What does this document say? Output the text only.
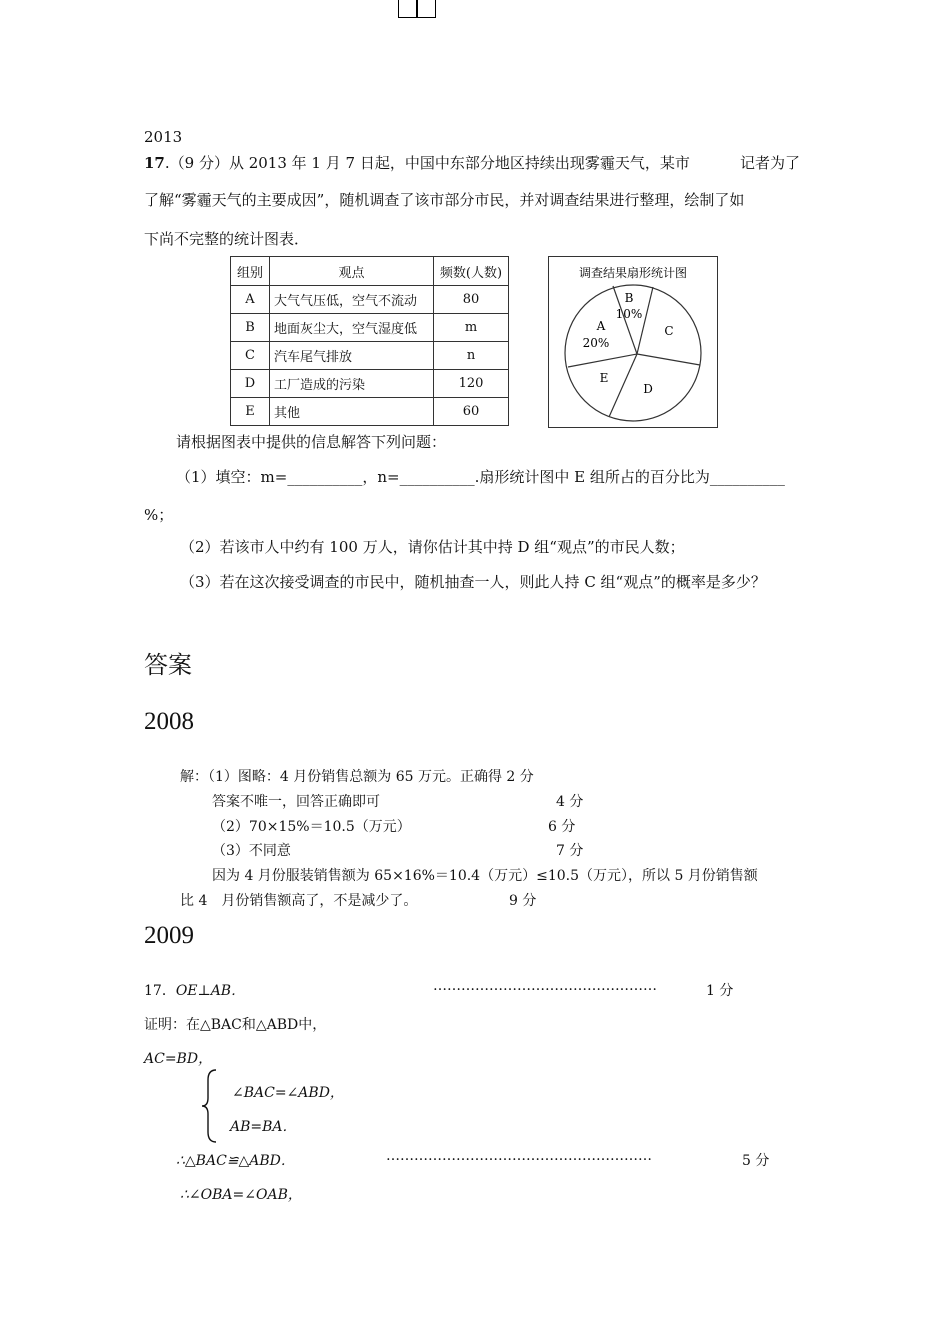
2013
17.（9 分）从 2013 年 1 月 7 日起，中国中东部分地区持续出现雾霾天气，某市	记者为了
了解“雾霾天气的主要成因”，随机调查了该市部分市民，并对调查结果进行整理，绘制了如
下尚不完整的统计图表．
组别	观点	频数(人数)
A	大气气压低，空气不流动	80
B	地面灰尘大，空气湿度低	m
C	汽车尾气排放	n
D	工厂造成的污染	120
E	其他	60
调查结果扇形统计图
B
10%
A
20%
C
D
E
请根据图表中提供的信息解答下列问题：
（1）填空：m=__________，n=__________.扇形统计图中 E 组所占的百分比为__________
%；
（2）若该市人中约有 100 万人，请你估计其中持 D 组“观点”的市民人数；
（3）若在这次接受调查的市民中，随机抽查一人，则此人持 C 组“观点”的概率是多少？
答案
2008
解：（1）图略：4 月份销售总额为 65 万元。正确得 2 分
答案不唯一，回答正确即可	4 分
（2）70×15%＝10.5（万元）	6 分
（3）不同意	7 分
因为 4 月份服装销售额为 65×16%＝10.4（万元）≤10.5（万元），所以 5 月份销售额
比 4　月份销售额高了，不是减少了。	9 分
2009
17．OE⊥AB．	…………………………………………	1 分
证明：在△BAC和△ABD中，
AC=BD，
∠BAC=∠ABD，
AB=BA．
∴△BAC≌△ABD．	…………………………………………………	5 分
∴∠OBA=∠OAB，
